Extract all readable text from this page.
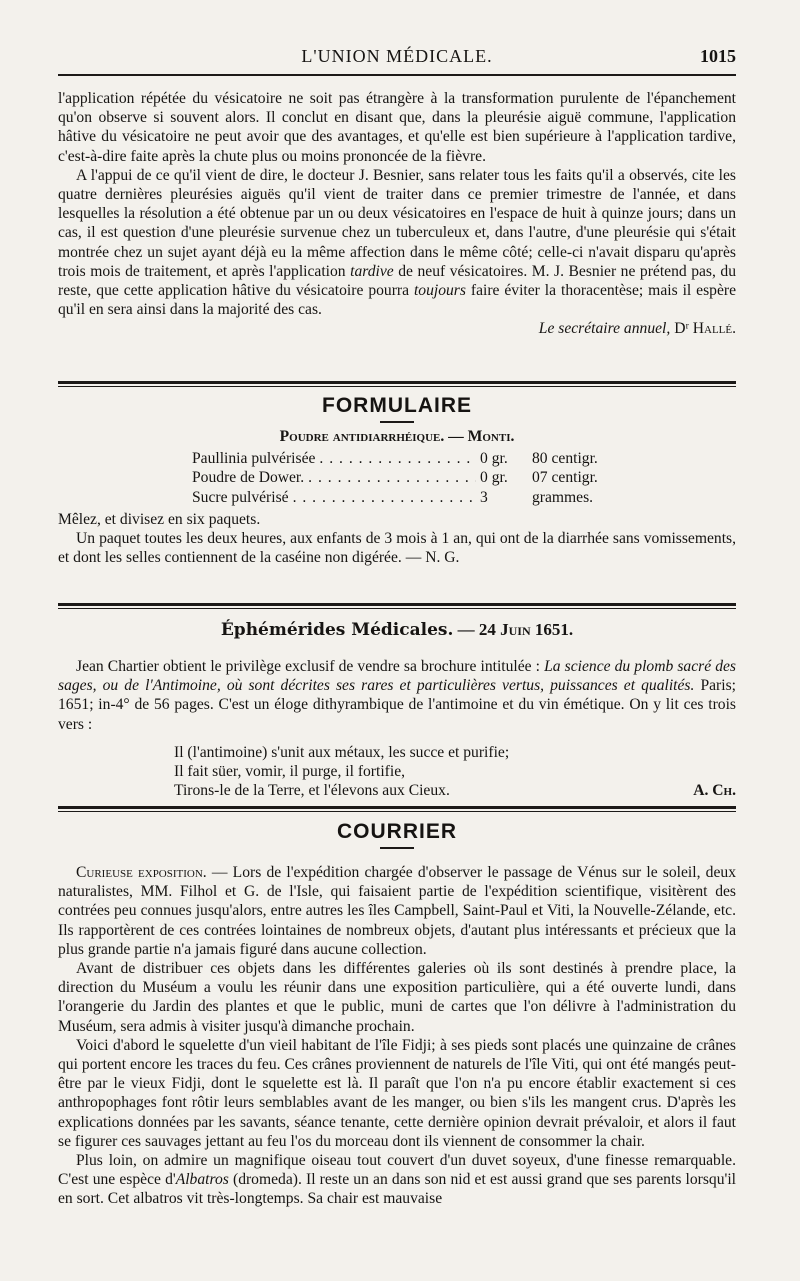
L'UNION MÉDICALE.	1015

l'application répétée du vésicatoire ne soit pas étrangère à la transformation purulente de l'épanchement qu'on observe si souvent alors. Il conclut en disant que, dans la pleurésie aiguë commune, l'application hâtive du vésicatoire ne peut avoir que des avantages, et qu'elle est bien supérieure à l'application tardive, c'est-à-dire faite après la chute plus ou moins prononcée de la fièvre.

A l'appui de ce qu'il vient de dire, le docteur J. Besnier, sans relater tous les faits qu'il a observés, cite les quatre dernières pleurésies aiguës qu'il vient de traiter dans ce premier trimestre de l'année, et dans lesquelles la résolution a été obtenue par un ou deux vésicatoires en l'espace de huit à quinze jours; dans un cas, il est question d'une pleurésie survenue chez un tuberculeux et, dans l'autre, d'une pleurésie qui s'était montrée chez un sujet ayant déjà eu la même affection dans le même côté; celle-ci n'avait disparu qu'après trois mois de traitement, et après l'application tardive de neuf vésicatoires. M. J. Besnier ne prétend pas, du reste, que cette application hâtive du vésicatoire pourra toujours faire éviter la thoracentèse; mais il espère qu'il en sera ainsi dans la majorité des cas.

Le secrétaire annuel, Dʳ Hallé.

FORMULAIRE
Poudre antidiarrhéique. — Monti.
Paullinia pulvérisée . . .	0 gr.	80 centigr.
Poudre de Dower. . . .	0 gr.	07 centigr.
Sucre pulvérisé . . .	3	grammes.

Mêlez, et divisez en six paquets.

Un paquet toutes les deux heures, aux enfants de 3 mois à 1 an, qui ont de la diarrhée sans vomissements, et dont les selles contiennent de la caséine non digérée. — N. G.

Éphémérides Médicales. — 24 Juin 1651.

Jean Chartier obtient le privilège exclusif de vendre sa brochure intitulée : La science du plomb sacré des sages, ou de l'Antimoine, où sont décrites ses rares et particulières vertus, puissances et qualités. Paris; 1651; in-4° de 56 pages. C'est un éloge dithyrambique de l'antimoine et du vin émétique. On y lit ces trois vers :

Il (l'antimoine) s'unit aux métaux, les succe et purifie;
Il fait süer, vomir, il purge, il fortifie,
Tirons-le de la Terre, et l'élevons aux Cieux.	A. Ch.
COURRIER

Curieuse exposition. — Lors de l'expédition chargée d'observer le passage de Vénus sur le soleil, deux naturalistes, MM. Filhol et G. de l'Isle, qui faisaient partie de l'expédition scientifique, visitèrent des contrées peu connues jusqu'alors, entre autres les îles Campbell, Saint-Paul et Viti, la Nouvelle-Zélande, etc. Ils rapportèrent de ces contrées lointaines de nombreux objets, d'autant plus intéressants et précieux que la plus grande partie n'a jamais figuré dans aucune collection.

Avant de distribuer ces objets dans les différentes galeries où ils sont destinés à prendre place, la direction du Muséum a voulu les réunir dans une exposition particulière, qui a été ouverte lundi, dans l'orangerie du Jardin des plantes et que le public, muni de cartes que l'on délivre à l'administration du Muséum, sera admis à visiter jusqu'à dimanche prochain.

Voici d'abord le squelette d'un vieil habitant de l'île Fidji; à ses pieds sont placés une quinzaine de crânes qui portent encore les traces du feu. Ces crânes proviennent de naturels de l'île Viti, qui ont été mangés peut-être par le vieux Fidji, dont le squelette est là. Il paraît que l'on n'a pu encore établir exactement si ces anthropophages font rôtir leurs semblables avant de les manger, ou bien s'ils les mangent crus. D'après les explications données par les savants, séance tenante, cette dernière opinion devrait prévaloir, et alors il faut se figurer ces sauvages jettant au feu l'os du morceau dont ils viennent de consommer la chair.

Plus loin, on admire un magnifique oiseau tout couvert d'un duvet soyeux, d'une finesse remarquable. C'est une espèce d'Albatros (dromeda). Il reste un an dans son nid et est aussi grand que ses parents lorsqu'il en sort. Cet albatros vit très-longtemps. Sa chair est mauvaise
